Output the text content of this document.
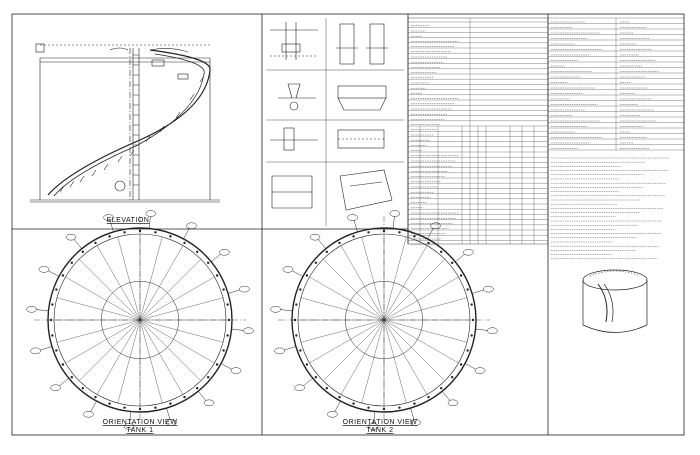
ELEVATION
ORIENTATION VIEW
TANK 1
ORIENTATION VIEW
TANK 2
